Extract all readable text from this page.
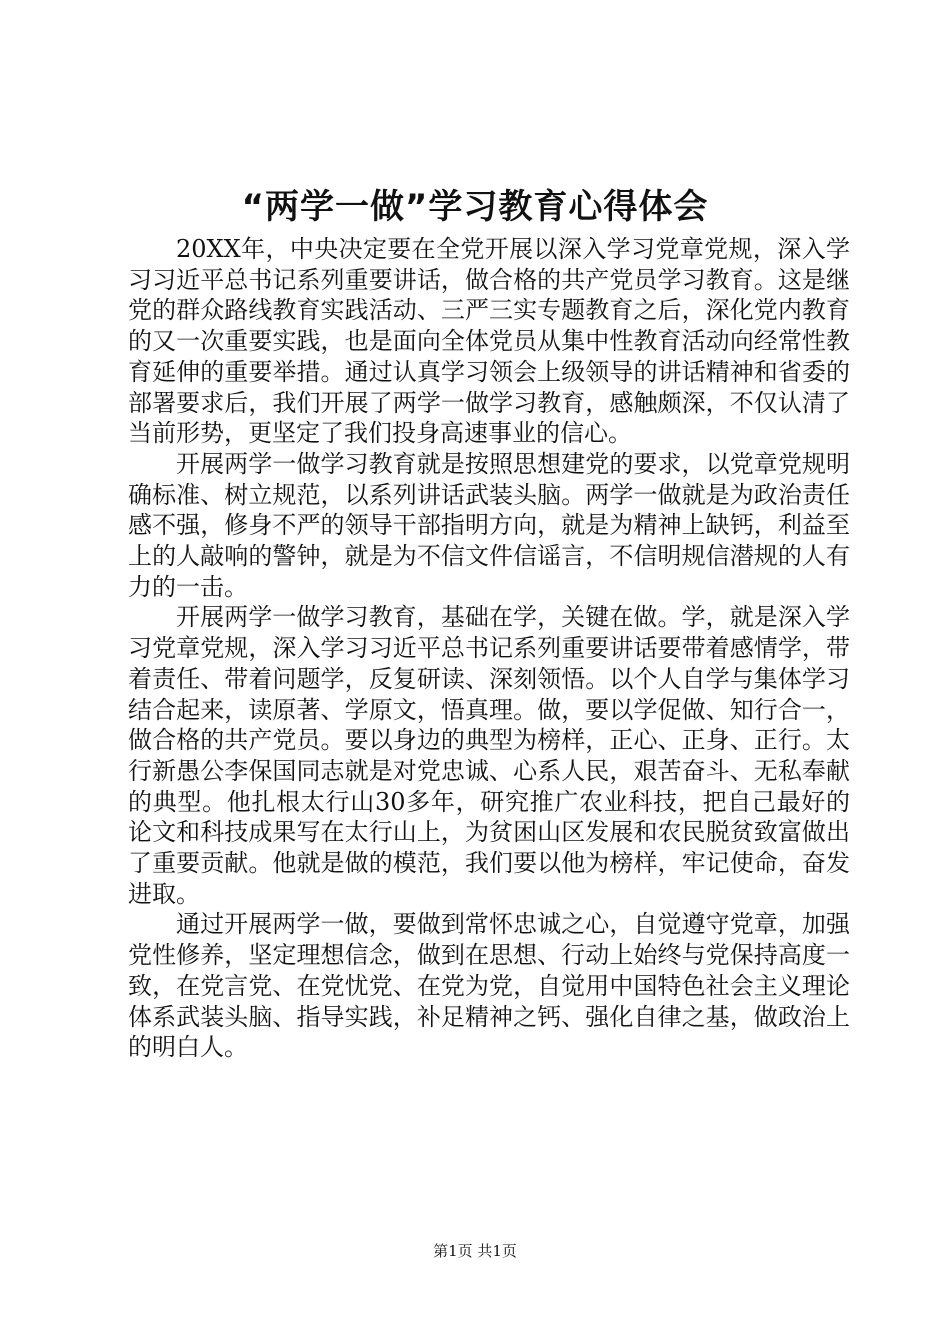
“两学一做”学习教育心得体会

20XX年，中央决定要在全党开展以深入学习党章党规，深入学习习近平总书记系列重要讲话，做合格的共产党员学习教育。这是继党的群众路线教育实践活动、三严三实专题教育之后，深化党内教育的又一次重要实践，也是面向全体党员从集中性教育活动向经常性教育延伸的重要举措。通过认真学习领会上级领导的讲话精神和省委的部署要求后，我们开展了两学一做学习教育，感触颇深，不仅认清了当前形势，更坚定了我们投身高速事业的信心。

开展两学一做学习教育就是按照思想建党的要求，以党章党规明确标准、树立规范，以系列讲话武装头脑。两学一做就是为政治责任感不强，修身不严的领导干部指明方向，就是为精神上缺钙，利益至上的人敲响的警钟，就是为不信文件信谣言，不信明规信潜规的人有力的一击。

开展两学一做学习教育，基础在学，关键在做。学，就是深入学习党章党规，深入学习习近平总书记系列重要讲话要带着感情学，带着责任、带着问题学，反复研读、深刻领悟。以个人自学与集体学习结合起来，读原著、学原文，悟真理。做，要以学促做、知行合一，做合格的共产党员。要以身边的典型为榜样，正心、正身、正行。太行新愚公李保国同志就是对党忠诚、心系人民，艰苦奋斗、无私奉献的典型。他扎根太行山30多年，研究推广农业科技，把自己最好的论文和科技成果写在太行山上，为贫困山区发展和农民脱贫致富做出了重要贡献。他就是做的模范，我们要以他为榜样，牢记使命，奋发进取。

通过开展两学一做，要做到常怀忠诚之心，自觉遵守党章，加强党性修养，坚定理想信念，做到在思想、行动上始终与党保持高度一致，在党言党、在党忧党、在党为党，自觉用中国特色社会主义理论体系武装头脑、指导实践，补足精神之钙、强化自律之基，做政治上的明白人。

第1页 共1页
